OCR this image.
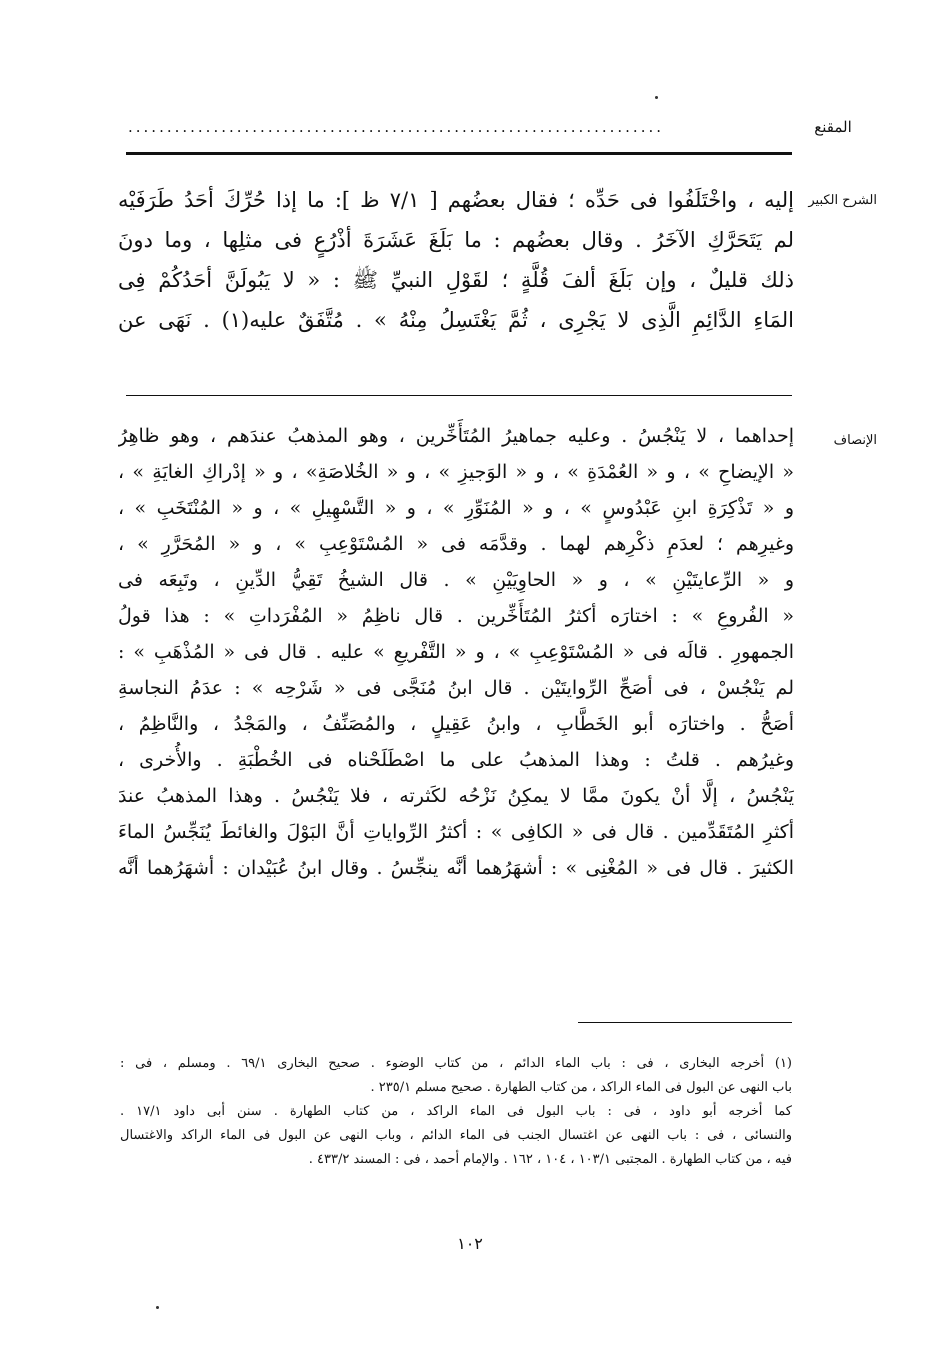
المقنع
.....................................................................
الشرح الكبير
إليه ، واخْتَلَفُوا فى حَدِّه ؛ فقال بعضُهم [ ٧/١ ظ ]: ما إذا حُرِّكَ أحَدُ طَرَفَيْه
لم يَتَحَرَّكِ الآخَرُ . وقال بعضُهم : ما بَلَغَ عَشَرَةَ أذْرُعٍ فى مثلِها ، وما دونَ
ذلك قليلٌ ، وإن بَلَغَ ألفَ قُلَّةٍ ؛ لقَوْلِ النبيِّ ﷺ : « لا يَبُولَنَّ أحَدُكُمْ فِى
المَاءِ الدَّائِمِ الَّذِى لا يَجْرِى ، ثُمَّ يَغْتَسِلُ مِنْهُ » . مُتَّفَقٌ عليه(١) . نَهَى عن
الإنصاف
إحداهما ، لا يَنْجُسُ . وعليه جماهيرُ المُتَأَخِّرين ، وهو المذهبُ عندَهم ، وهو ظاهِرُ
« الإيضاحِ » ، و « العُمْدَةِ » ، و « الوَجيزِ » ، و « الخُلاصَةِ» ، و « إدْراكِ الغايَةِ » ،
و « تَذْكِرَةِ ابنِ عَبْدُوسٍ » ، و « المُنَوِّرِ » ، و « التَّسْهِيلِ » ، و « المُنْتَخَبِ » ،
وغيرِهم ؛ لعدَمِ ذكْرِهم لهما . وقدَّمَه فى « المُسْتَوْعِبِ » ، و « المُحَرَّرِ » ،
و « الرِّعايتَيْنِ » ، و « الحاوِيَيْنِ » . قال الشيخُ تَقِيُّ الدِّينِ ، وتَبِعَه فى
« الفُروعِ » : اختارَه أكثرُ المُتَأَخِّرين . قال ناظِمُ « المُفْرَداتِ » : هذا قولُ
الجمهورِ . قالَه فى « المُسْتَوْعِبِ » ، و « التَّفْريعِ » عليه . قال فى « المُذْهَبِ » :
لم يَنْجُسْ ، فى أصَحِّ الرِّوايتَيْن . قال ابنُ مُنَجَّى فى « شَرْحِه » : عدَمُ النجاسةِ
أصَحُّ . واختارَه أبو الخَطَّابِ ، وابنُ عَقِيلٍ ، والمُصَنِّفُ ، والمَجْدُ ، والنَّاظِمُ ،
وغيرُهم . قلتُ : وهذا المذهبُ على ما اصْطَلَحْناه فى الخُطْبَةِ . والأُخرى ،
يَنْجُسُ ، إلَّا أنْ يكونَ ممَّا لا يمكِنُ نَزْحُه لكَثرته ، فلا يَنْجُسُ . وهذا المذهبُ عندَ
أكثرِ المُتَقَدِّمين . قال فى « الكافِى » : أكثرُ الرِّواياتِ أنَّ البَوْلَ والغائطَ يُنَجِّسُ الماءَ
الكثيرَ . قال فى « المُغْنِى » : أشهَرُهما أنَّه ينجِّسُ . وقال ابنُ عُبَيْدان : أشهَرُهما أنَّه
(١) أخرجه البخارى ، فى : باب الماء الدائم ، من كتاب الوضوء . صحيح البخارى ٦٩/١ . ومسلم ، فى :
باب النهى عن البول فى الماء الراكد ، من كتاب الطهارة . صحيح مسلم ٢٣٥/١ .
كما أخرجه أبو داود ، فى : باب البول فى الماء الراكد ، من كتاب الطهارة . سنن أبى داود ١٧/١ .
والنسائى ، فى : باب النهى عن اغتسال الجنب فى الماء الدائم ، وباب النهى عن البول فى الماء الراكد والاغتسال
فيه ، من كتاب الطهارة . المجتبى ١٠٣/١ ، ١٠٤ ، ١٦٢ . والإمام أحمد ، فى : المسند ٤٣٣/٢ .
١٠٢
